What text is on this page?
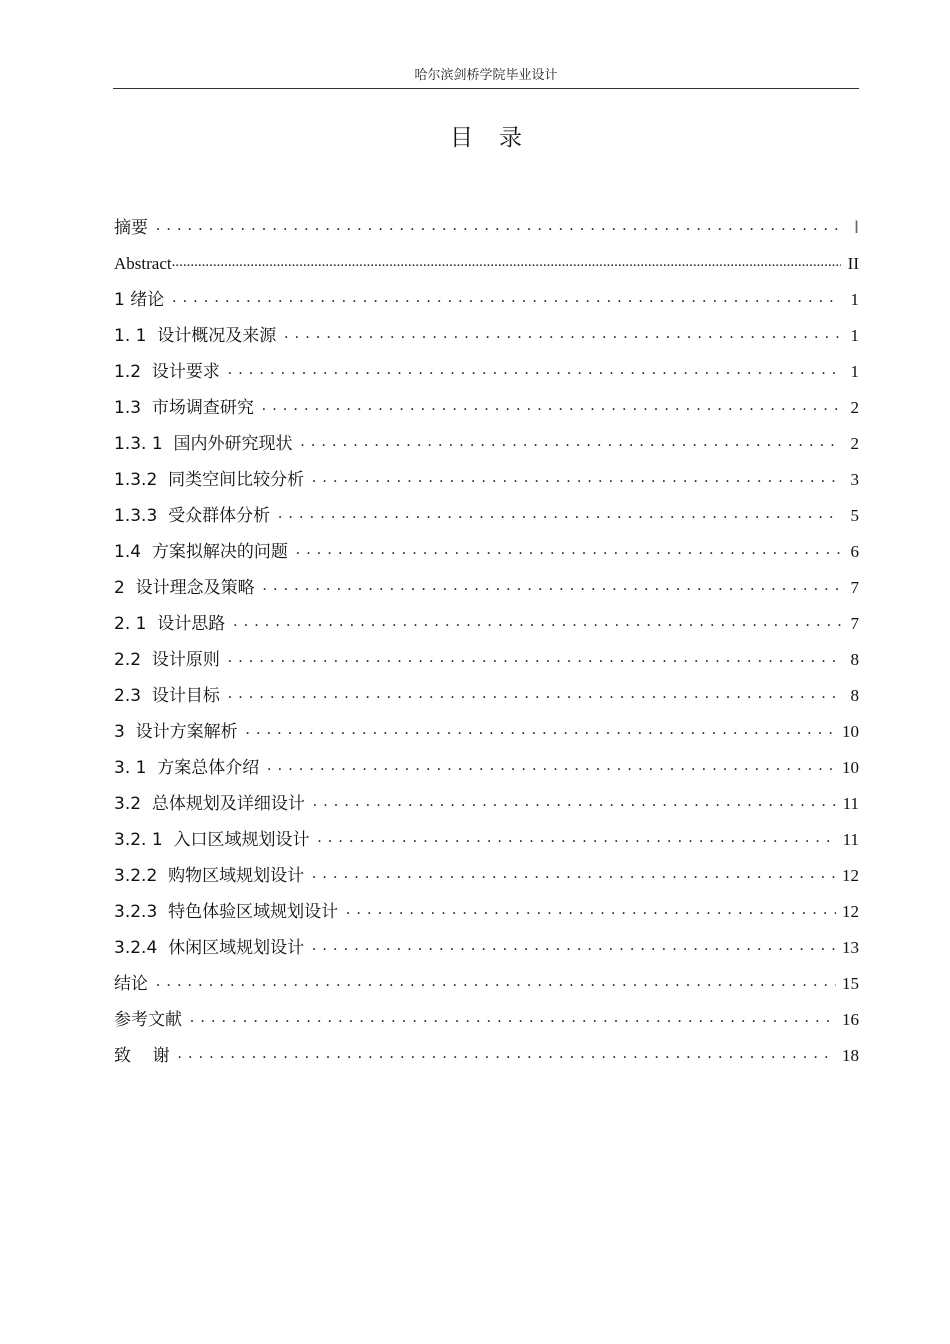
哈尔滨剑桥学院毕业设计
目 录
摘要 . . .	Ⅰ
Abstract .....	II
1 绪论 . . .	1
1. 1  设计概况及来源 . . .	1
1.2  设计要求 . . .	1
1.3  市场调查研究 . . .	2
1.3. 1  国内外研究现状 . . .	2
1.3.2  同类空间比较分析 . . .	3
1.3.3  受众群体分析 . . .	5
1.4  方案拟解决的问题 . . .	6
2  设计理念及策略 . . .	7
2. 1  设计思路 . . .	7
2.2  设计原则 . . .	8
2.3  设计目标 . . .	8
3  设计方案解析 . . .	10
3. 1  方案总体介绍 . . .	10
3.2  总体规划及详细设计 . . .	11
3.2. 1  入口区域规划设计 . . .	11
3.2.2  购物区域规划设计 . . .	12
3.2.3  特色体验区域规划设计 . . .	12
3.2.4  休闲区域规划设计 . . .	13
结论 . . .	15
参考文献 . . .	16
致    谢 . . .	18
